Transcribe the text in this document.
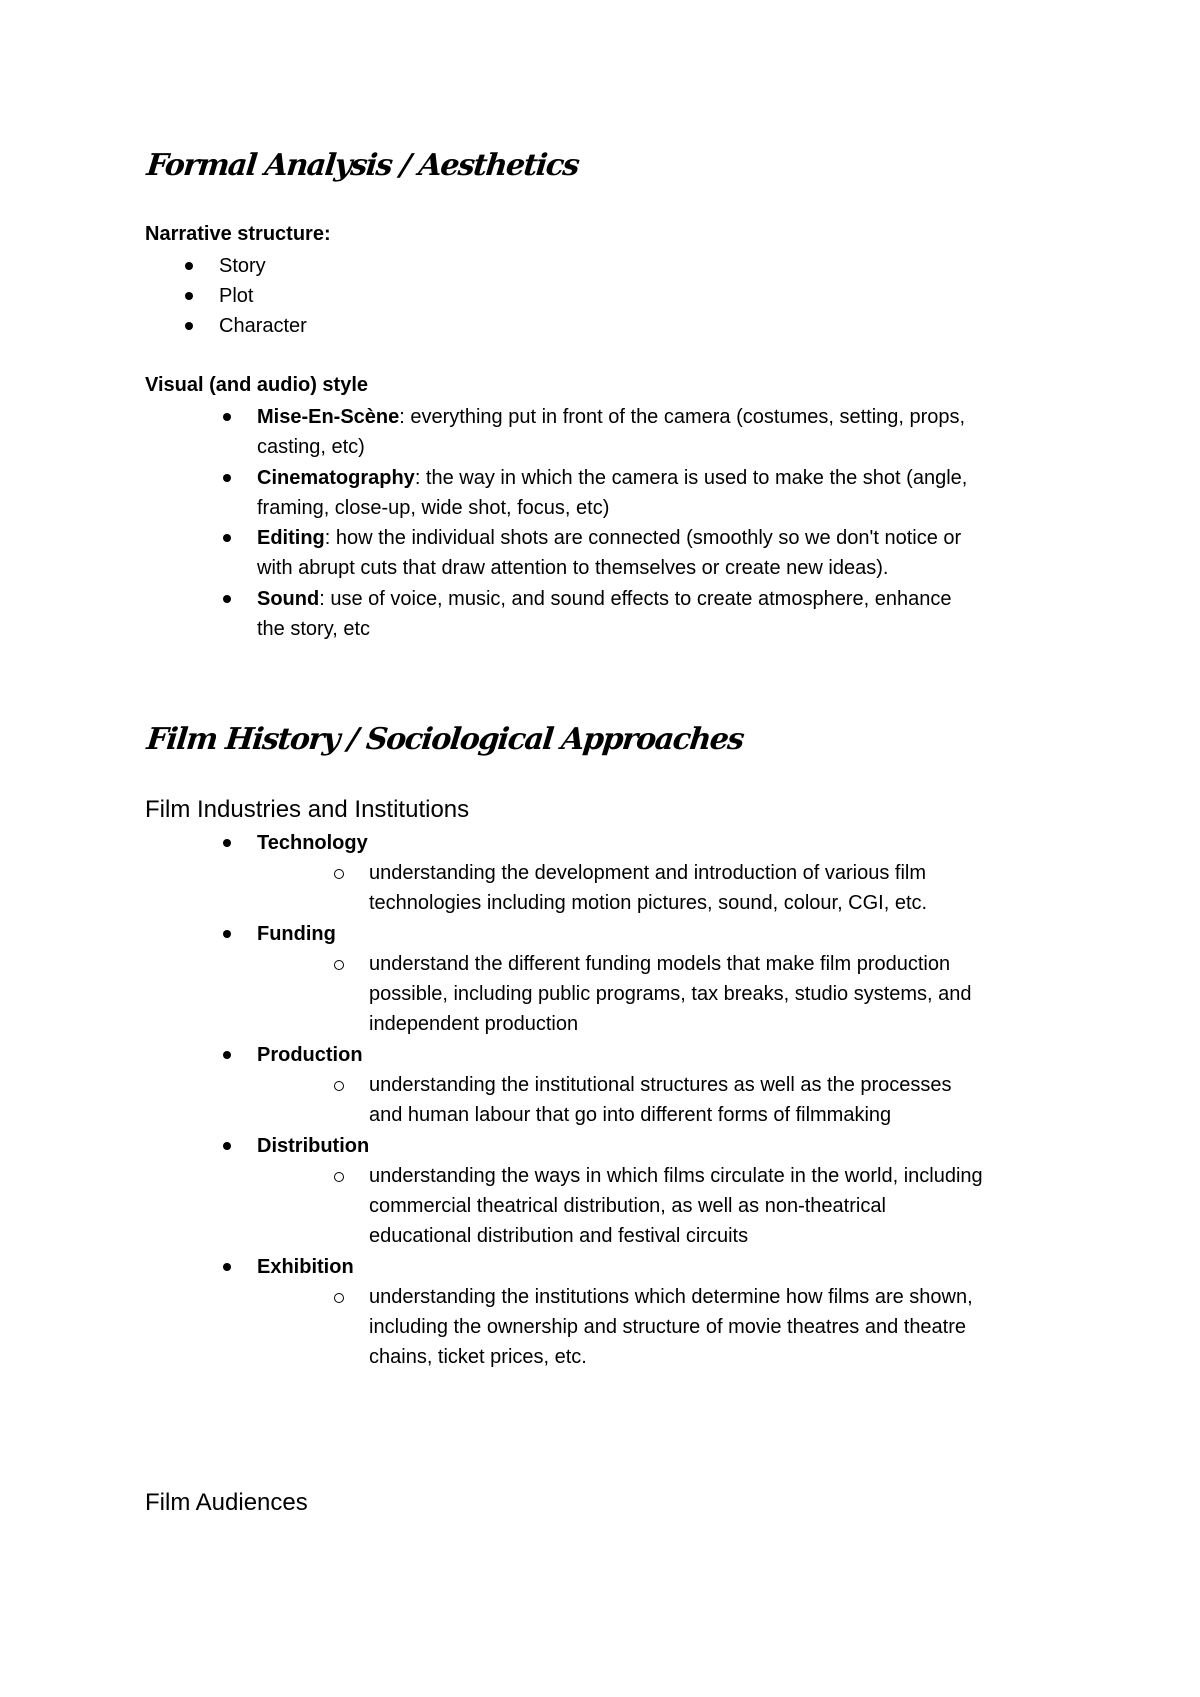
Formal Analysis / Aesthetics
Narrative structure:
Story
Plot
Character
Visual (and audio) style
Mise-En-Scène: everything put in front of the camera (costumes, setting, props,
casting, etc)
Cinematography: the way in which the camera is used to make the shot (angle,
framing, close-up, wide shot, focus, etc)
Editing: how the individual shots are connected (smoothly so we don't notice or
with abrupt cuts that draw attention to themselves or create new ideas).
Sound: use of voice, music, and sound effects to create atmosphere, enhance
the story, etc
Film History / Sociological Approaches
Film Industries and Institutions
Technology
understanding the development and introduction of various film
technologies including motion pictures, sound, colour, CGI, etc.
Funding
understand the different funding models that make film production
possible, including public programs, tax breaks, studio systems, and
independent production
Production
understanding the institutional structures as well as the processes
and human labour that go into different forms of filmmaking
Distribution
understanding the ways in which films circulate in the world, including
commercial theatrical distribution, as well as non-theatrical
educational distribution and festival circuits
Exhibition
understanding the institutions which determine how films are shown,
including the ownership and structure of movie theatres and theatre
chains, ticket prices, etc.
Film Audiences
